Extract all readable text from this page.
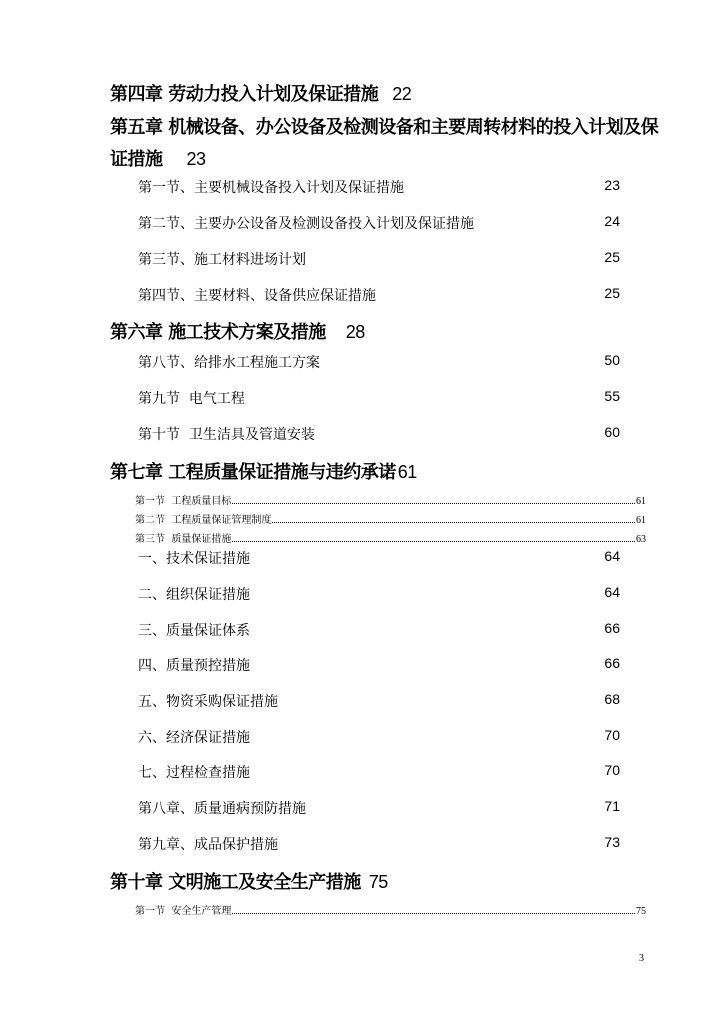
第四章 劳动力投入计划及保证措施 22
第五章 机械设备、办公设备及检测设备和主要周转材料的投入计划及保
证措施 23
第一节、主要机械设备投入计划及保证措施	23
第二节、主要办公设备及检测设备投入计划及保证措施	24
第三节、施工材料进场计划	25
第四节、主要材料、设备供应保证措施	25
第六章 施工技术方案及措施 28
第八节、给排水工程施工方案	50
第九节  电气工程	55
第十节  卫生洁具及管道安装	60
第七章 工程质量保证措施与违约承诺 61
第一节  工程质量目标	61
第二节  工程质量保证管理制度	61
第三节  质量保证措施	63
一、技术保证措施	64
二、组织保证措施	64
三、质量保证体系	66
四、质量预控措施	66
五、物资采购保证措施	68
六、经济保证措施	70
七、过程检查措施	70
第八章、质量通病预防措施	71
第九章、成品保护措施	73
第十章 文明施工及安全生产措施 75
第一节  安全生产管理	75
3
